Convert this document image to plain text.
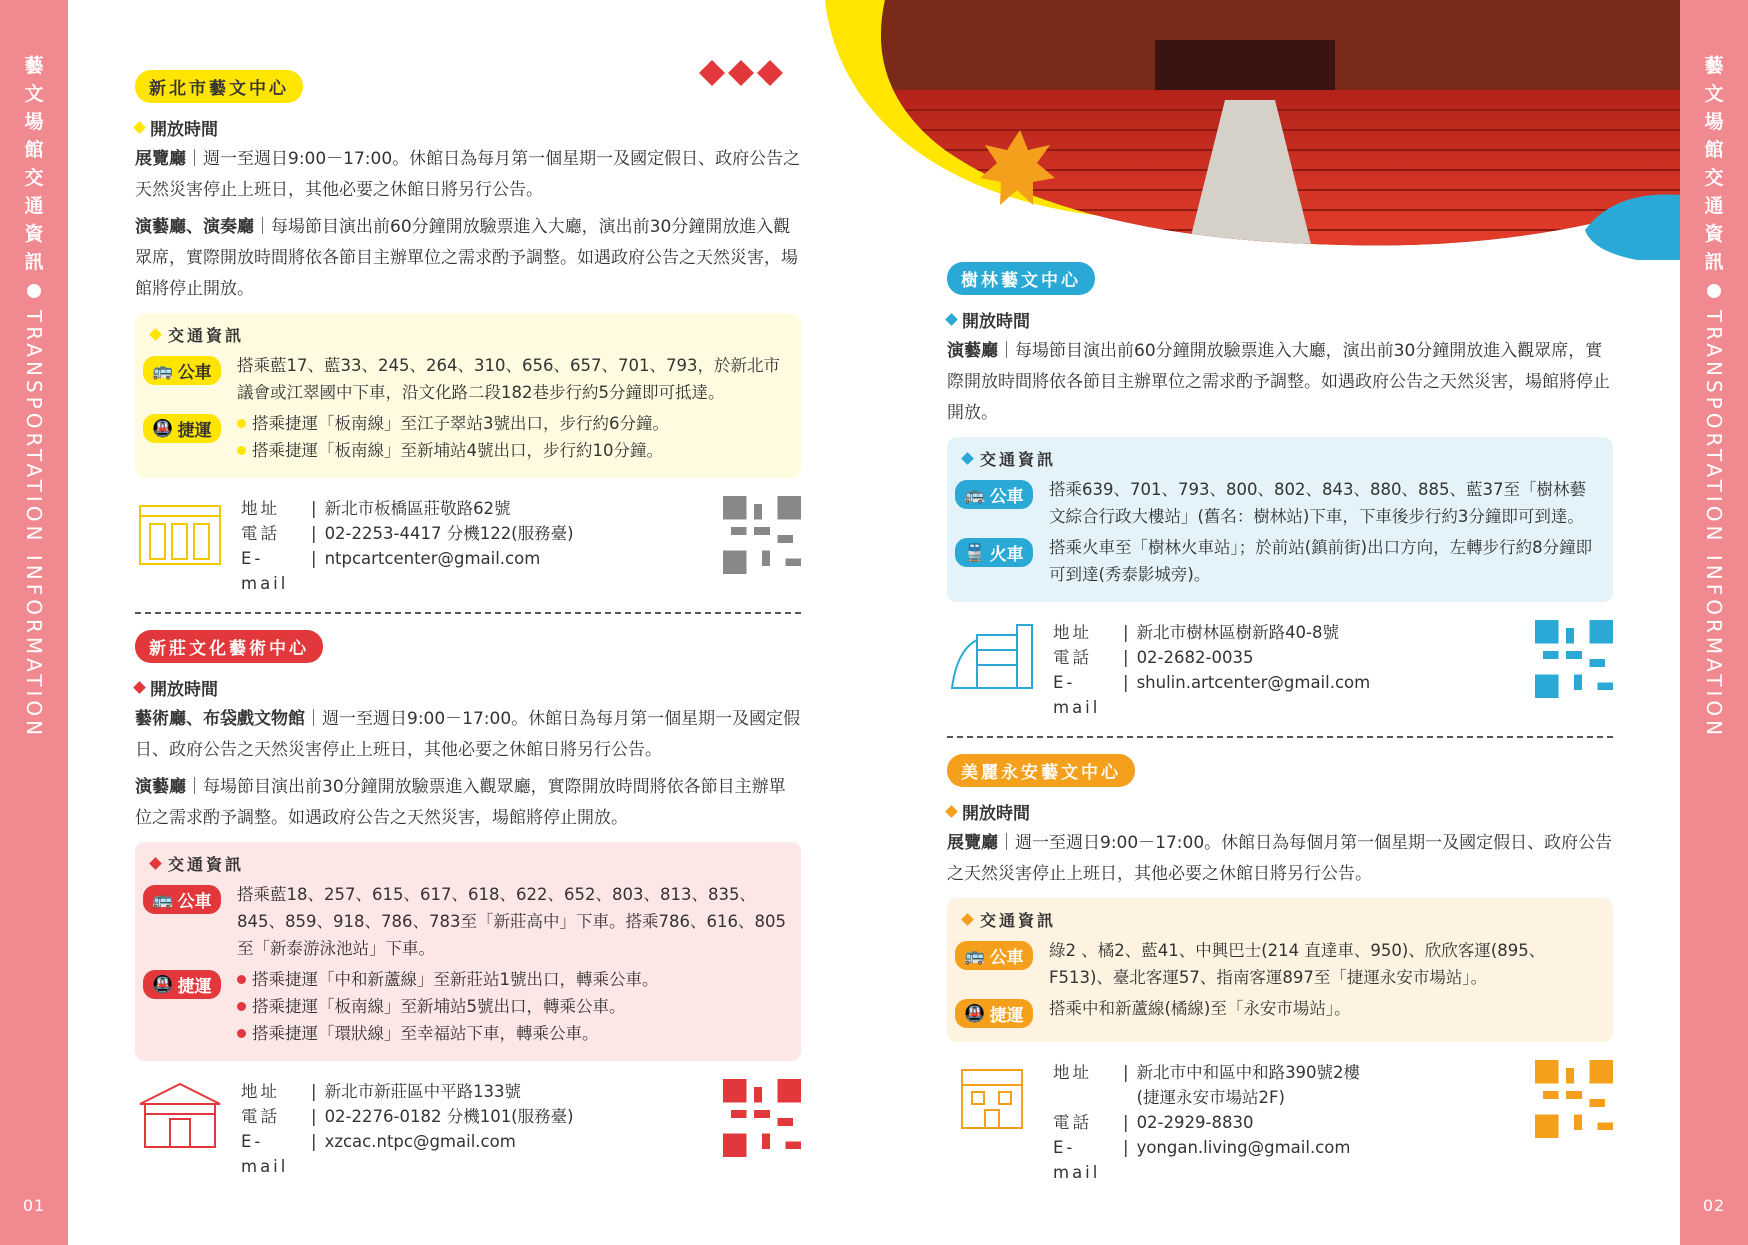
藝
文
場
館
交
通
資
訊
TRANSPORTATION INFORMATION
01
藝
文
場
館
交
通
資
訊
TRANSPORTATION INFORMATION
02
新北市藝文中心
開放時間

展覽廳｜週一至週日9:00－17:00。休館日為每月第一個星期一及國定假日、政府公告之天然災害停止上班日，其他必要之休館日將另行公告。

演藝廳、演奏廳｜每場節目演出前60分鐘開放驗票進入大廳，演出前30分鐘開放進入觀眾席，實際開放時間將依各節目主辦單位之需求酌予調整。如遇政府公告之天然災害，場館將停止開放。

交通資訊
🚌 公車 搭乘藍17、藍33、245、264、310、656、657、701、793，於新北市議會或江翠國中下車，沿文化路二段182巷步行約5分鐘即可抵達。
🚇 捷運 搭乘捷運「板南線」至江子翠站3號出口，步行約6分鐘。
搭乘捷運「板南線」至新埔站4號出口，步行約10分鐘。
地址	| 新北市板橋區莊敬路62號
電話	| 02-2253-4417 分機122(服務臺)
E-mail
| ntpcartcenter@gmail.com
新莊文化藝術中心
開放時間

藝術廳、布袋戲文物館｜週一至週日9:00－17:00。休館日為每月第一個星期一及國定假日、政府公告之天然災害停止上班日，其他必要之休館日將另行公告。

演藝廳｜每場節目演出前30分鐘開放驗票進入觀眾廳，實際開放時間將依各節目主辦單位之需求酌予調整。如遇政府公告之天然災害，場館將停止開放。

交通資訊
🚌 公車 搭乘藍18、257、615、617、618、622、652、803、813、835、845、859、918、786、783至「新莊高中」下車。搭乘786、616、805至「新泰游泳池站」下車。
🚇 捷運 搭乘捷運「中和新蘆線」至新莊站1號出口，轉乘公車。
搭乘捷運「板南線」至新埔站5號出口，轉乘公車。
搭乘捷運「環狀線」至幸福站下車，轉乘公車。
地址	| 新北市新莊區中平路133號
電話	| 02-2276-0182 分機101(服務臺)
E-mail
| xzcac.ntpc@gmail.com
樹林藝文中心
開放時間

演藝廳｜每場節目演出前60分鐘開放驗票進入大廳，演出前30分鐘開放進入觀眾席，實際開放時間將依各節目主辦單位之需求酌予調整。如遇政府公告之天然災害，場館將停止開放。

交通資訊
🚌 公車 搭乘639、701、793、800、802、843、880、885、藍37至「樹林藝文綜合行政大樓站」(舊名：樹林站)下車，下車後步行約3分鐘即可到達。
🚆 火車 搭乘火車至「樹林火車站」；於前站(鎮前街)出口方向，左轉步行約8分鐘即可到達(秀泰影城旁)。
地址	| 新北市樹林區樹新路40-8號
電話	| 02-2682-0035
E-mail
| shulin.artcenter@gmail.com
美麗永安藝文中心
開放時間

展覽廳｜週一至週日9:00－17:00。休館日為每個月第一個星期一及國定假日、政府公告之天然災害停止上班日，其他必要之休館日將另行公告。

交通資訊
🚌 公車 綠2 、橘2、藍41、中興巴士(214 直達車、950)、欣欣客運(895、F513)、臺北客運57、指南客運897至「捷運永安市場站」。
🚇 捷運 搭乘中和新蘆線(橘線)至「永安市場站」。
地址	| 新北市中和區中和路390號2樓
(捷運永安市場站2F)
電話	| 02-2929-8830
E-mail
| yongan.living@gmail.com
